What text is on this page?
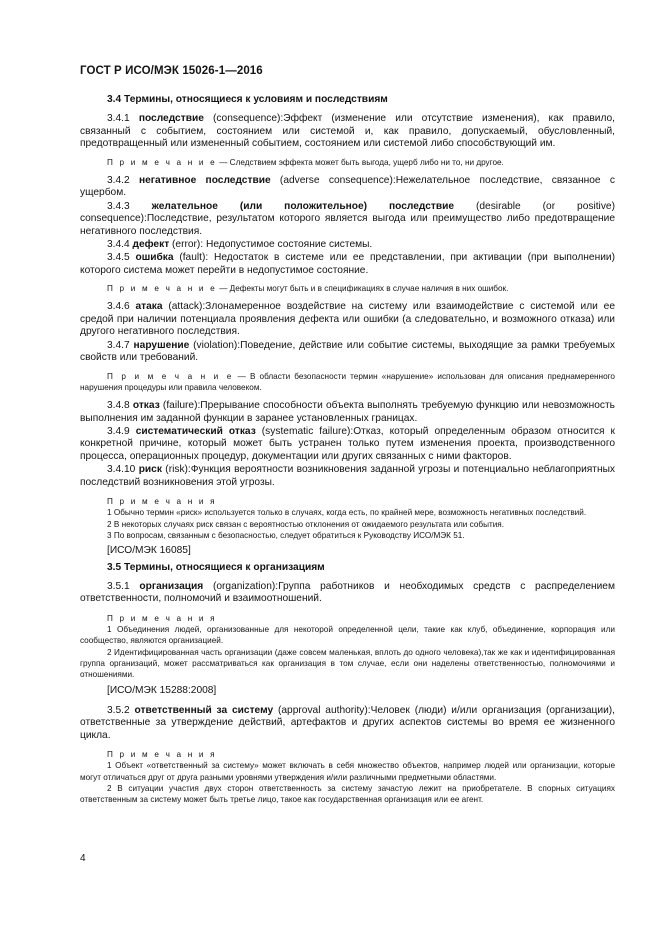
ГОСТ Р ИСО/МЭК 15026-1—2016

3.4 Термины, относящиеся к условиям и последствиям

3.4.1 последствие (consequence):Эффект (изменение или отсутствие изменения), как правило, связанный с событием, состоянием или системой и, как правило, допускаемый, обусловленный, предотвращенный или измененный событием, состоянием или системой либо способствующий им.

П р и м е ч а н и е — Следствием эффекта может быть выгода, ущерб либо ни то, ни другое.

3.4.2 негативное последствие (adverse consequence):Нежелательное последствие, связанное с ущербом.

3.4.3 желательное (или положительное) последствие (desirable (or positive) consequence):Последствие, результатом которого является выгода или преимущество либо предотвращение негативного последствия.

3.4.4 дефект (error): Недопустимое состояние системы.

3.4.5 ошибка (fault): Недостаток в системе или ее представлении, при активации (при выполнении) которого система может перейти в недопустимое состояние.

П р и м е ч а н и е — Дефекты могут быть и в спецификациях в случае наличия в них ошибок.

3.4.6 атака (attack):Злонамеренное воздействие на систему или взаимодействие с системой или ее средой при наличии потенциала проявления дефекта или ошибки (а следовательно, и возможного отказа) или другого негативного последствия.

3.4.7 нарушение (violation):Поведение, действие или событие системы, выходящие за рамки требуемых свойств или требований.

П р и м е ч а н и е — В области безопасности термин «нарушение» использован для описания преднамеренного нарушения процедуры или правила человеком.

3.4.8 отказ (failure):Прерывание способности объекта выполнять требуемую функцию или невозможность выполнения им заданной функции в заранее установленных границах.

3.4.9 систематический отказ (systematic failure):Отказ, который определенным образом относится к конкретной причине, который может быть устранен только путем изменения проекта, производственного процесса, операционных процедур, документации или других связанных с ними факторов.

3.4.10 риск (risk):Функция вероятности возникновения заданной угрозы и потенциально неблагоприятных последствий возникновения этой угрозы.

П р и м е ч а н и я

1 Обычно термин «риск» используется только в случаях, когда есть, по крайней мере, возможность негативных последствий.

2 В некоторых случаях риск связан с вероятностью отклонения от ожидаемого результата или события.

3 По вопросам, связанным с безопасностью, следует обратиться к Руководству ИСО/МЭК 51.

[ИСО/МЭК 16085]

3.5 Термины, относящиеся к организациям

3.5.1 организация (organization):Группа работников и необходимых средств с распределением ответственности, полномочий и взаимоотношений.

П р и м е ч а н и я

1 Объединения людей, организованные для некоторой определенной цели, такие как клуб, объединение, корпорация или сообщество, являются организацией.

2 Идентифицированная часть организации (даже совсем маленькая, вплоть до одного человека),так же как и идентифицированная группа организаций, может рассматриваться как организация в том случае, если они наделены ответственностью, полномочиями и отношениями.

[ИСО/МЭК 15288:2008]

3.5.2 ответственный за систему (approval authority):Человек (люди) и/или организация (организации), ответственные за утверждение действий, артефактов и других аспектов системы во время ее жизненного цикла.

П р и м е ч а н и я

1 Объект «ответственный за систему» может включать в себя множество объектов, например людей или организации, которые могут отличаться друг от друга разными уровнями утверждения и/или различными предметными областями.

2 В ситуации участия двух сторон ответственность за систему зачастую лежит на приобретателе. В спорных ситуациях ответственным за систему может быть третье лицо, такое как государственная организация или ее агент.

4
